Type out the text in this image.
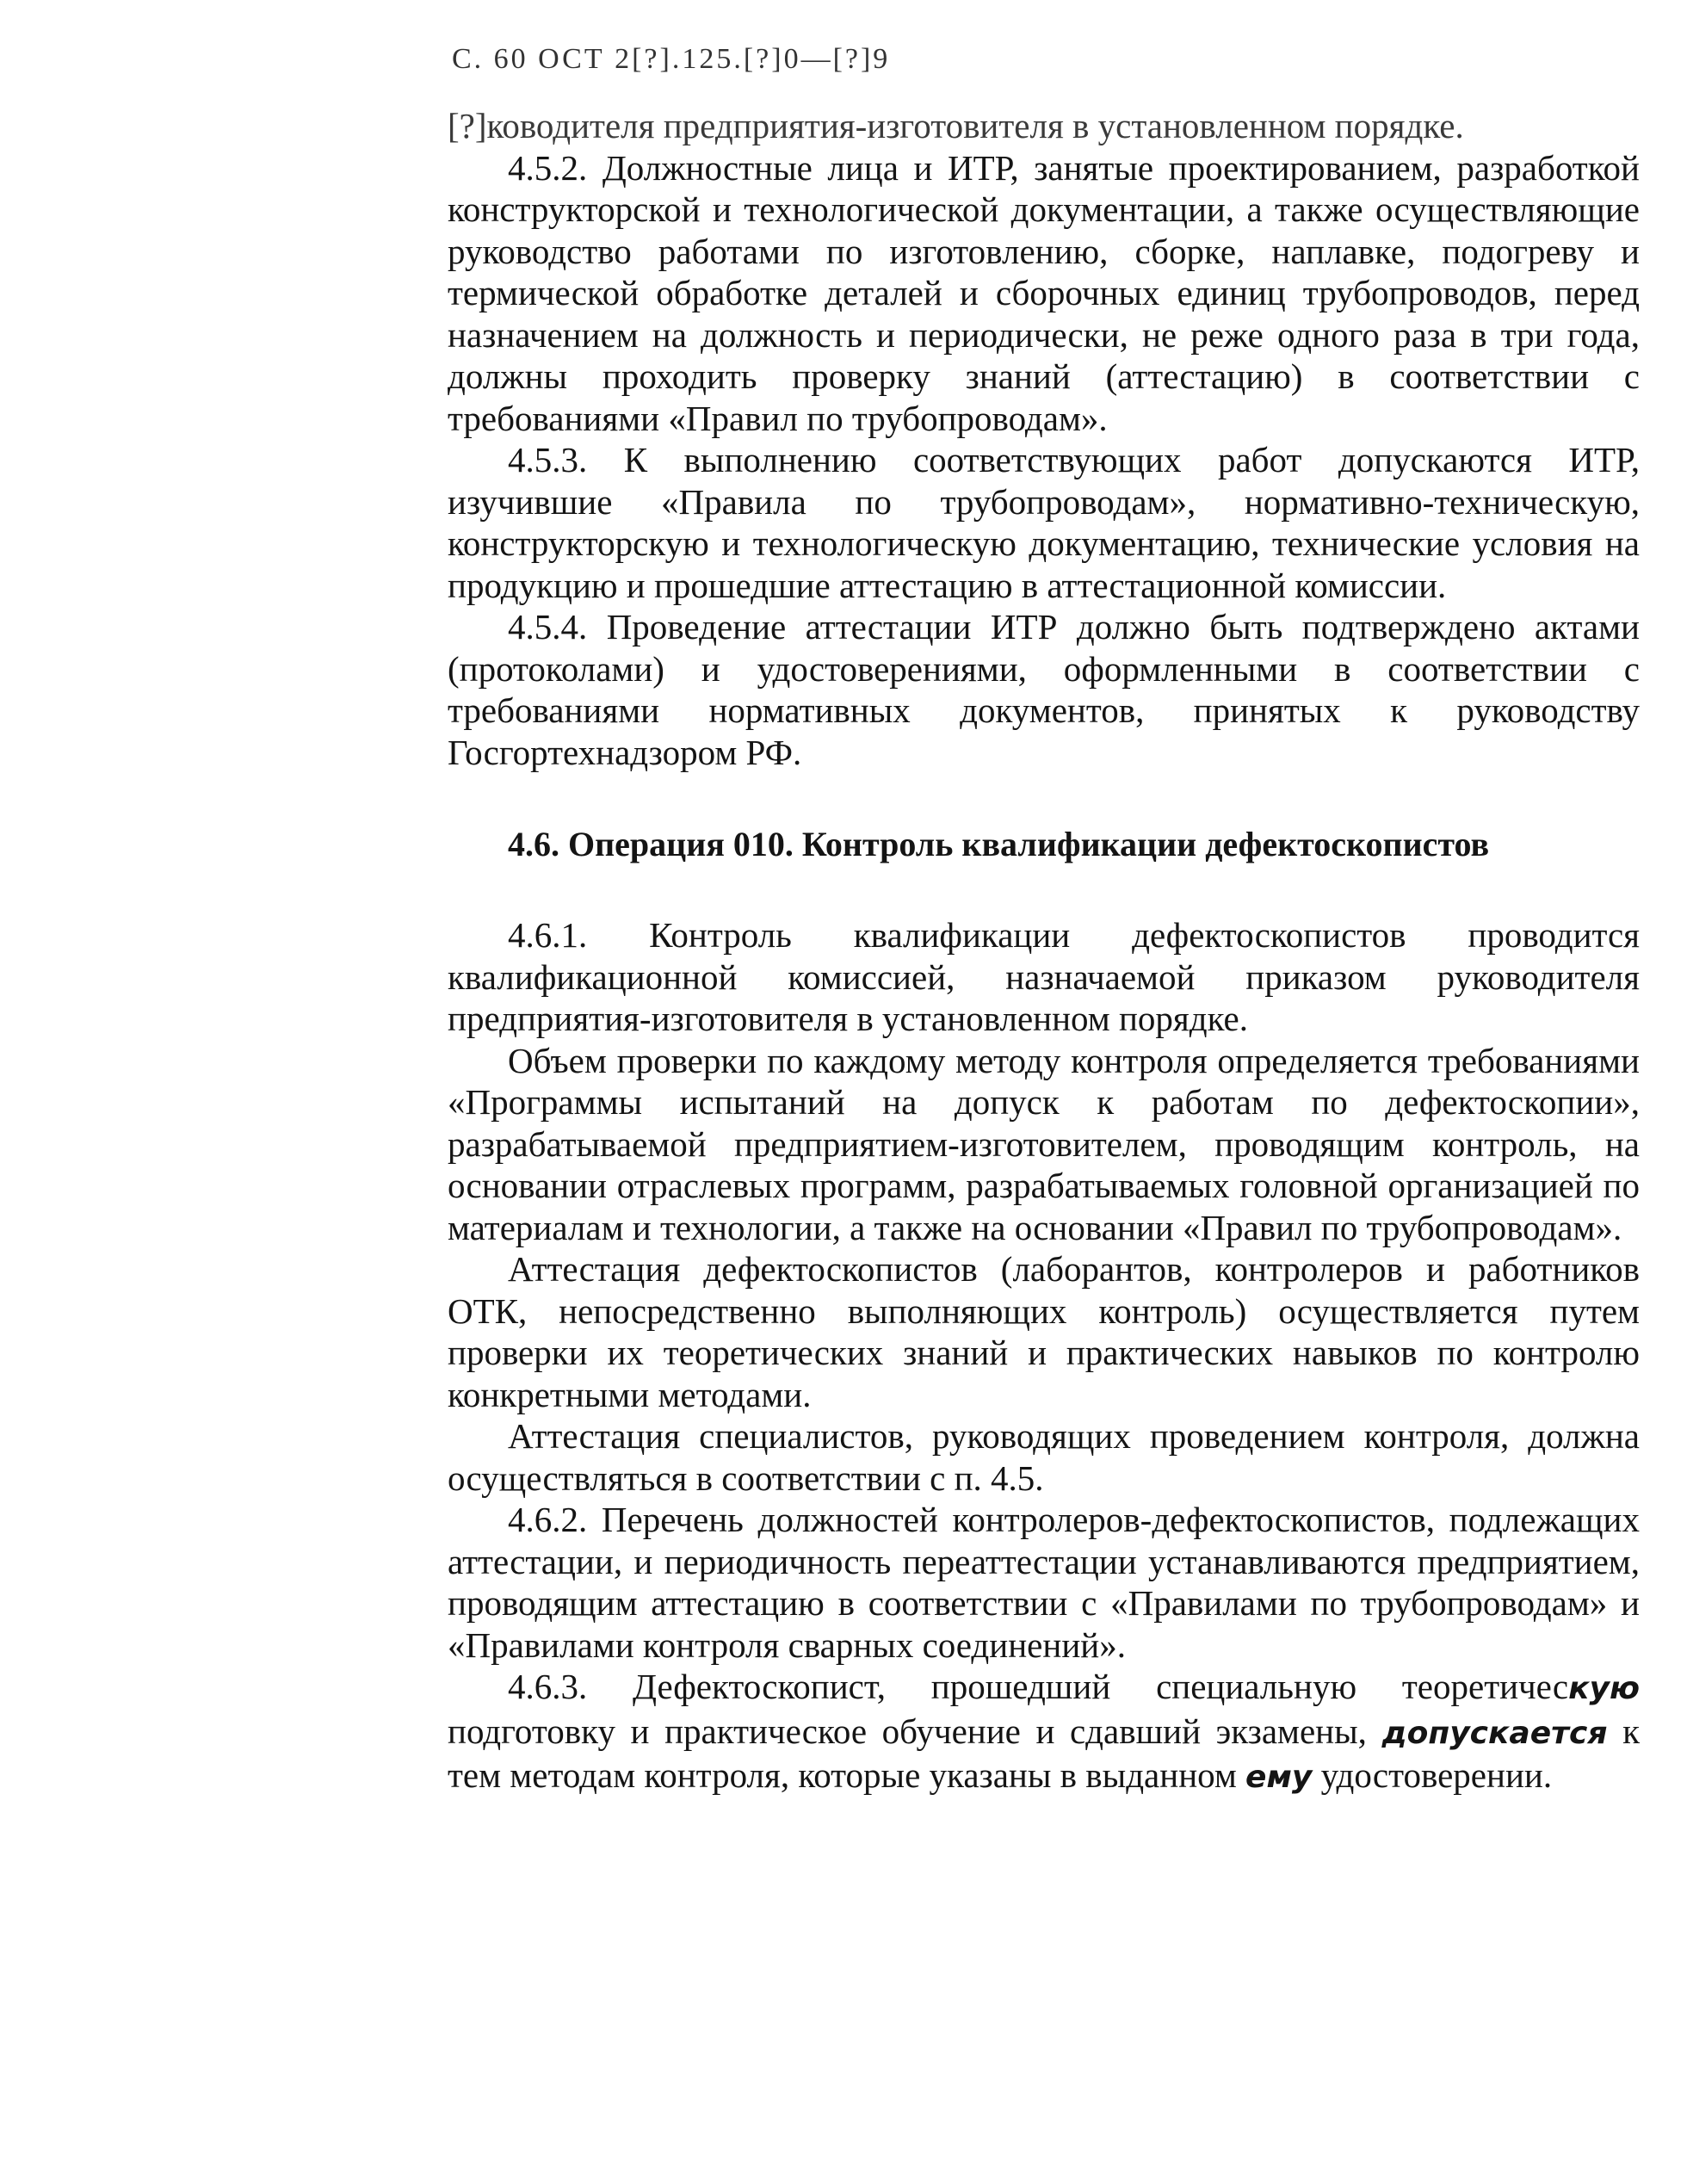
С. 60 ОСТ 2[?].125.[?]0—[?]9

[?]ководителя предприятия-изготовителя в установленном порядке.

4.5.2. Должностные лица и ИТР, занятые проектированием, разработкой конструкторской и технологической документации, а также осуществляющие руководство работами по изготовлению, сборке, наплавке, подогреву и термической обработке деталей и сборочных единиц трубопроводов, перед назначением на должность и периодически, не реже одного раза в три года, должны проходить проверку знаний (аттестацию) в соответствии с требованиями «Правил по трубопроводам».

4.5.3. К выполнению соответствующих работ допускаются ИТР, изучившие «Правила по трубопроводам», нормативно-техническую, конструкторскую и технологическую документацию, технические условия на продукцию и прошедшие аттестацию в аттестационной комиссии.

4.5.4. Проведение аттестации ИТР должно быть подтверждено актами (протоколами) и удостоверениями, оформленными в соответствии с требованиями нормативных документов, принятых к руководству Госгортехнадзором РФ.

4.6. Операция 010. Контроль квалификации дефектоскопистов

4.6.1. Контроль квалификации дефектоскопистов проводится квалификационной комиссией, назначаемой приказом руководителя предприятия-изготовителя в установленном порядке.

Объем проверки по каждому методу контроля определяется требованиями «Программы испытаний на допуск к работам по дефектоскопии», разрабатываемой предприятием-изготовителем, проводящим контроль, на основании отраслевых программ, разрабатываемых головной организацией по материалам и технологии, а также на основании «Правил по трубопроводам».

Аттестация дефектоскопистов (лаборантов, контролеров и работников ОТК, непосредственно выполняющих контроль) осуществляется путем проверки их теоретических знаний и практических навыков по контролю конкретными методами.

Аттестация специалистов, руководящих проведением контроля, должна осуществляться в соответствии с п. 4.5.

4.6.2. Перечень должностей контролеров-дефектоскопистов, подлежащих аттестации, и периодичность переаттестации устанавливаются предприятием, проводящим аттестацию в соответствии с «Правилами по трубопроводам» и «Правилами контроля сварных соединений».

4.6.3. Дефектоскопист, прошедший специальную теоретическую подготовку и практическое обучение и сдавший экзамены, допускается к тем методам контроля, которые указаны в выданном ему удостоверении.
